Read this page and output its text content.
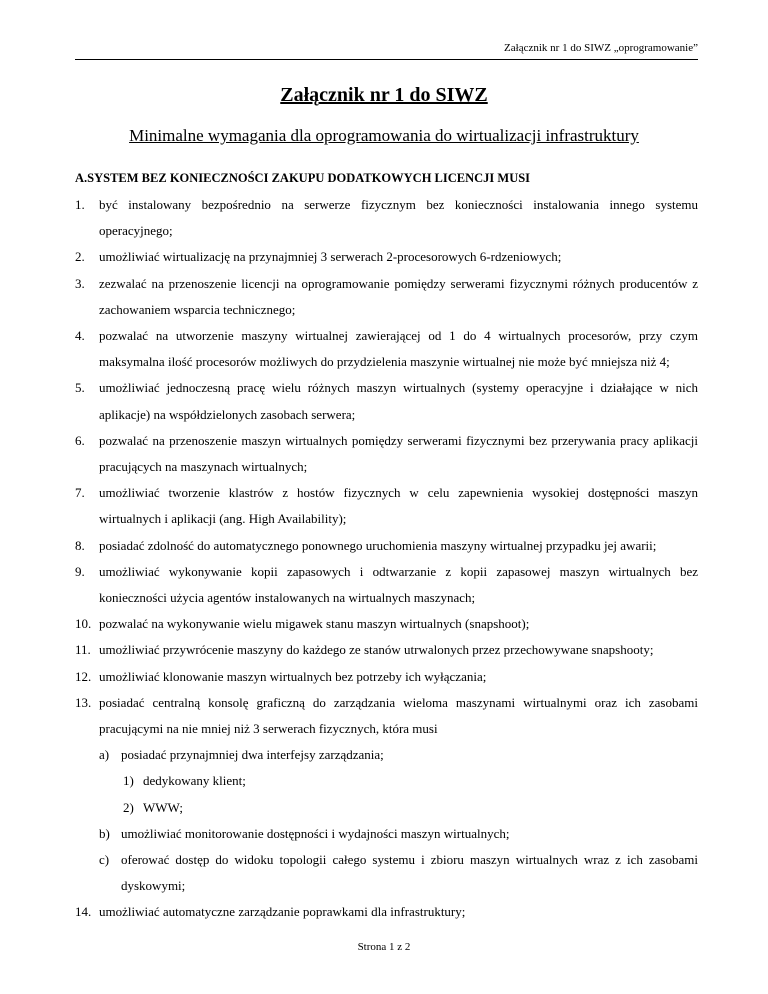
Załącznik nr 1 do SIWZ „oprogramowanie”
Załącznik nr 1 do SIWZ
Minimalne wymagania dla oprogramowania do wirtualizacji infrastruktury
A.SYSTEM BEZ KONIECZNOŚCI ZAKUPU DODATKOWYCH LICENCJI MUSI
1.	być instalowany bezpośrednio na serwerze fizycznym bez konieczności instalowania innego systemu operacyjnego;
2.	umożliwiać wirtualizację na przynajmniej 3 serwerach 2-procesorowych 6-rdzeniowych;
3.	zezwalać na przenoszenie licencji na oprogramowanie pomiędzy serwerami fizycznymi różnych producentów z zachowaniem wsparcia technicznego;
4.	pozwalać na utworzenie maszyny wirtualnej zawierającej od 1 do 4 wirtualnych procesorów, przy czym maksymalna ilość procesorów możliwych do przydzielenia maszynie wirtualnej nie może być mniejsza niż 4;
5.	umożliwiać jednoczesną pracę wielu różnych maszyn wirtualnych (systemy operacyjne i działające w nich aplikacje) na współdzielonych zasobach serwera;
6.	pozwalać na przenoszenie maszyn wirtualnych pomiędzy serwerami fizycznymi bez przerywania pracy aplikacji pracujących na maszynach wirtualnych;
7.	umożliwiać tworzenie klastrów z hostów fizycznych w celu zapewnienia wysokiej dostępności maszyn wirtualnych i aplikacji (ang. High Availability);
8.	posiadać zdolność do automatycznego ponownego uruchomienia maszyny wirtualnej przypadku jej awarii;
9.	umożliwiać wykonywanie kopii zapasowych i odtwarzanie z kopii zapasowej maszyn wirtualnych bez konieczności użycia agentów instalowanych na wirtualnych maszynach;
10. pozwalać na wykonywanie wielu migawek stanu maszyn wirtualnych (snapshoot);
11. umożliwiać przywrócenie maszyny do każdego ze stanów utrwalonych przez przechowywane snapshooty;
12. umożliwiać klonowanie maszyn wirtualnych bez potrzeby ich wyłączania;
13. posiadać centralną konsolę graficzną do zarządzania wieloma maszynami wirtualnymi oraz ich zasobami pracującymi na nie mniej niż 3 serwerach fizycznych, która musi
a) posiadać przynajmniej dwa interfejsy zarządzania;
1) dedykowany klient;
2) WWW;
b) umożliwiać monitorowanie dostępności i wydajności maszyn wirtualnych;
c) oferować dostęp do widoku topologii całego systemu i zbioru maszyn wirtualnych wraz z ich zasobami dyskowymi;
14. umożliwiać automatyczne zarządzanie poprawkami dla infrastruktury;
Strona 1 z 2
